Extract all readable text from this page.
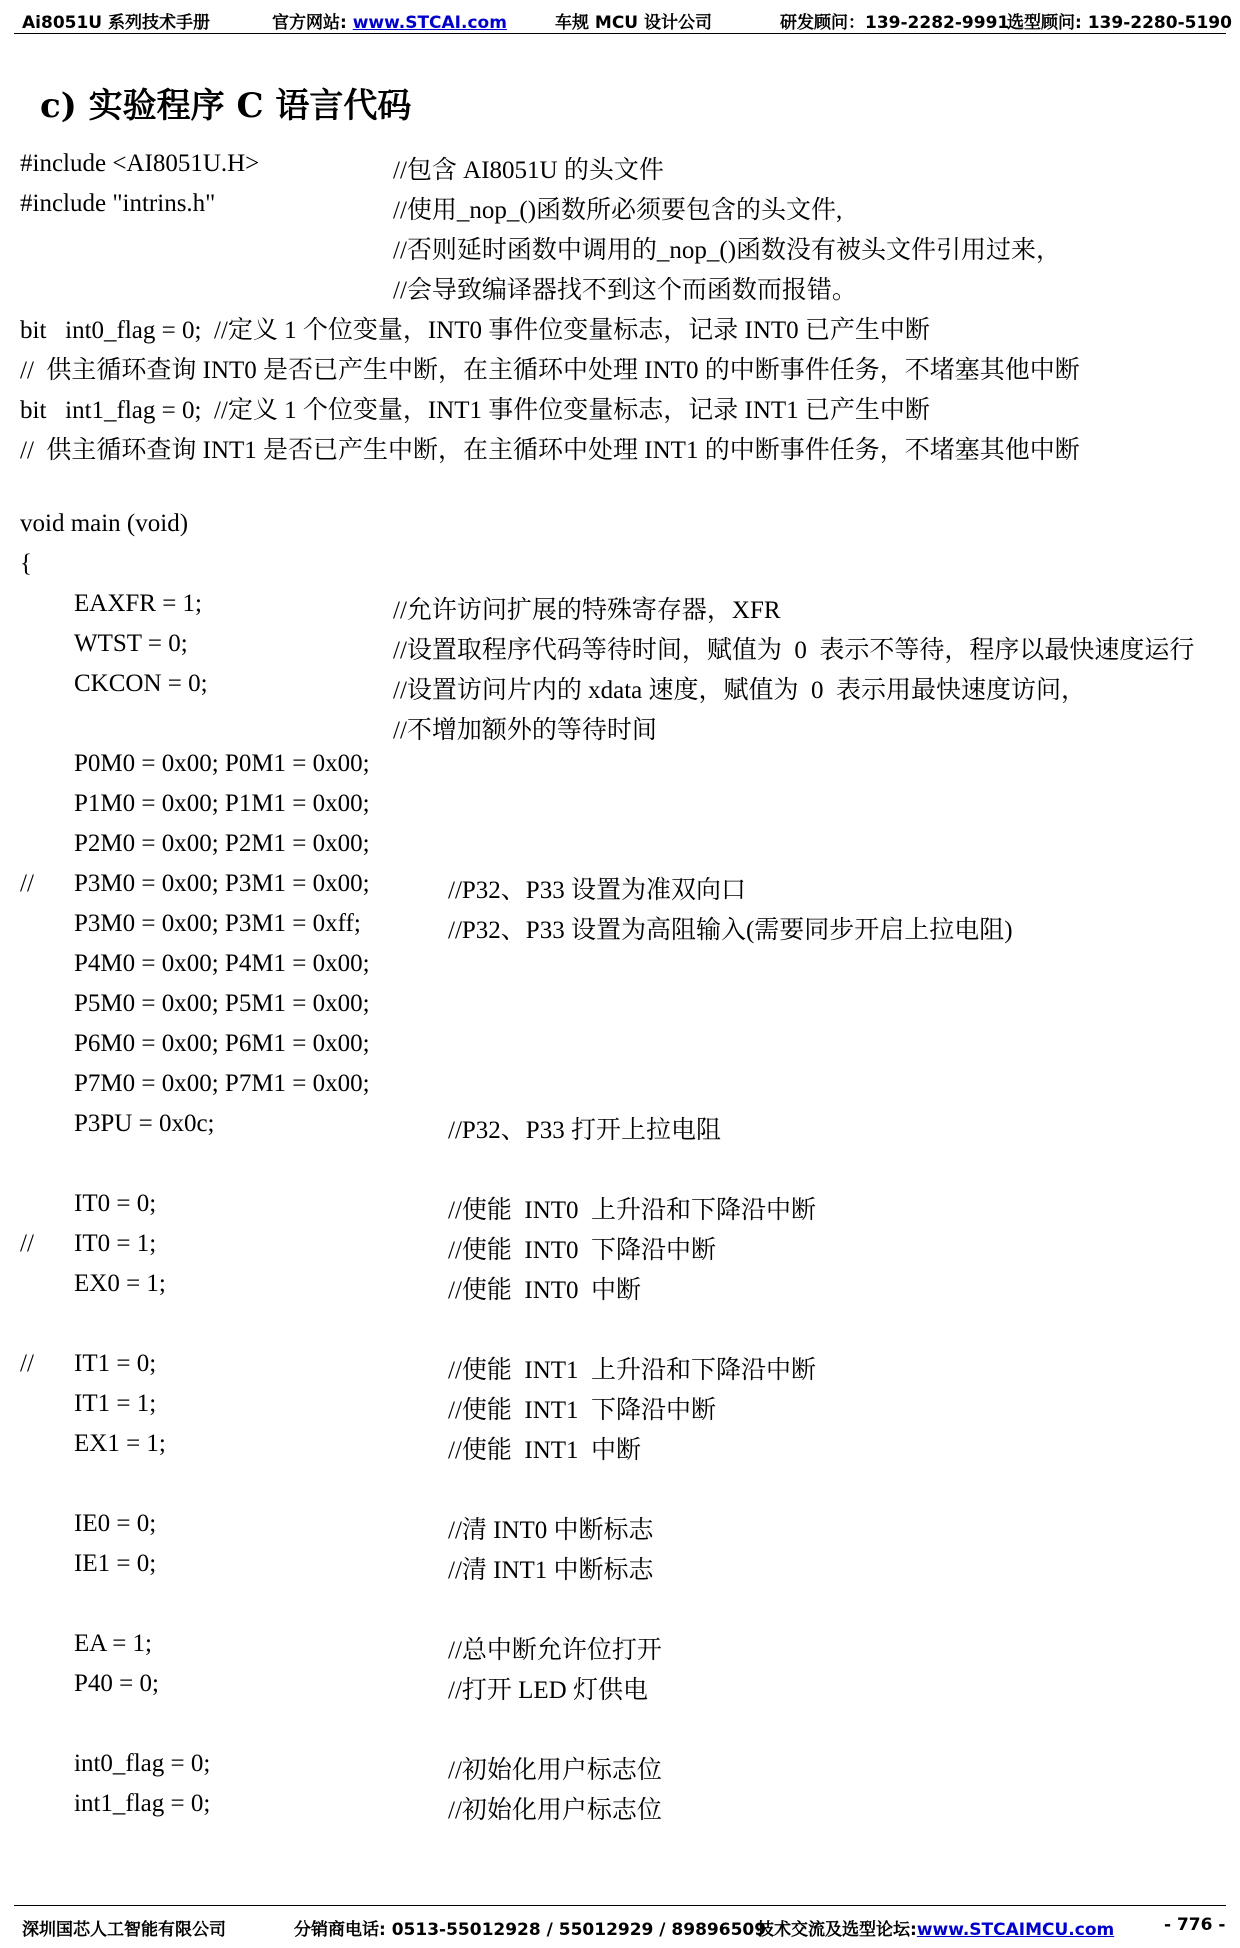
Ai8051U 系列技术手册	官方网站: www.STCAI.com	车规 MCU 设计公司	研发顾问：139-2282-9991
选型顾问: 139-2280-5190
c) 实验程序 C 语言代码
#include <AI8051U.H>	//包含 AI8051U 的头文件
#include "intrins.h"	//使用_nop_()函数所必须要包含的头文件,
//否则延时函数中调用的_nop_()函数没有被头文件引用过来，
//会导致编译器找不到这个而函数而报错。
bit   int0_flag = 0;  //定义 1 个位变量，INT0 事件位变量标志，记录 INT0 已产生中断
//  供主循环查询 INT0 是否已产生中断，在主循环中处理 INT0 的中断事件任务，不堵塞其他中断
bit   int1_flag = 0;  //定义 1 个位变量，INT1 事件位变量标志，记录 INT1 已产生中断
//  供主循环查询 INT1 是否已产生中断，在主循环中处理 INT1 的中断事件任务，不堵塞其他中断
void main (void)
{
EAXFR = 1;	//允许访问扩展的特殊寄存器，XFR
WTST = 0;	//设置取程序代码等待时间，赋值为  0  表示不等待，程序以最快速度运行
CKCON = 0;	//设置访问片内的 xdata 速度，赋值为  0  表示用最快速度访问，
//不增加额外的等待时间
P0M0 = 0x00; P0M1 = 0x00;
P1M0 = 0x00; P1M1 = 0x00;
P2M0 = 0x00; P2M1 = 0x00;
// P3M0 = 0x00; P3M1 = 0x00;	//P32、P33 设置为准双向口
P3M0 = 0x00; P3M1 = 0xff;	//P32、P33 设置为高阻输入(需要同步开启上拉电阻)
P4M0 = 0x00; P4M1 = 0x00;
P5M0 = 0x00; P5M1 = 0x00;
P6M0 = 0x00; P6M1 = 0x00;
P7M0 = 0x00; P7M1 = 0x00;
P3PU = 0x0c;	//P32、P33 打开上拉电阻
IT0 = 0;	//使能  INT0  上升沿和下降沿中断
// IT0 = 1;	//使能  INT0  下降沿中断
EX0 = 1;	//使能  INT0  中断
// IT1 = 0;	//使能  INT1  上升沿和下降沿中断
IT1 = 1;	//使能  INT1  下降沿中断
EX1 = 1;	//使能  INT1  中断
IE0 = 0;	//清 INT0 中断标志
IE1 = 0;	//清 INT1 中断标志
EA = 1;	//总中断允许位打开
P40 = 0;	//打开 LED 灯供电
int0_flag = 0;	//初始化用户标志位
int1_flag = 0;	//初始化用户标志位
深圳国芯人工智能有限公司	分销商电话: 0513-55012928 / 55012929 / 89896509
技术交流及选型论坛:www.STCAIMCU.com	- 776 -
